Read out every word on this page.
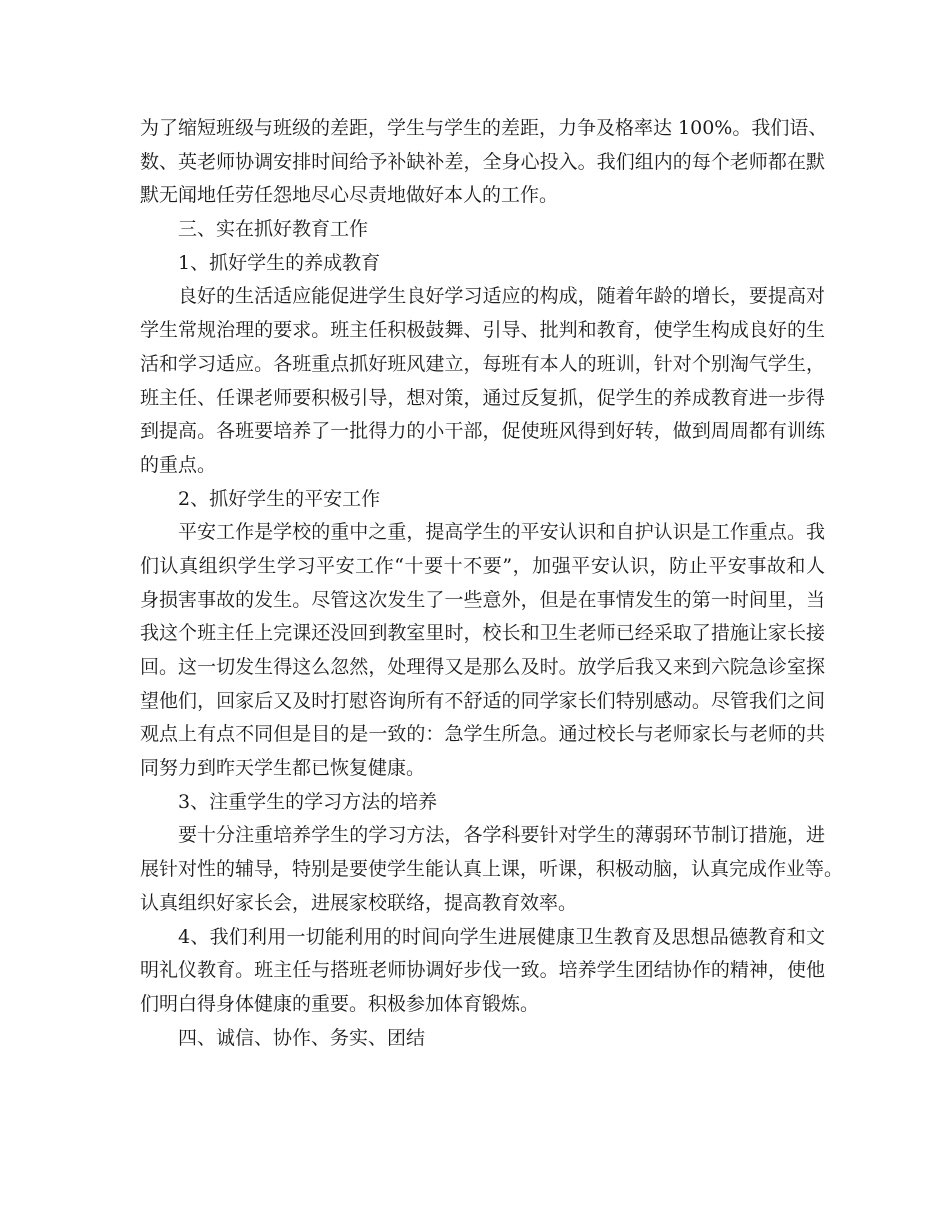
为了缩短班级与班级的差距，学生与学生的差距，力争及格率达 100%。我们语、
数、英老师协调安排时间给予补缺补差，全身心投入。我们组内的每个老师都在默
默无闻地任劳任怨地尽心尽责地做好本人的工作。
三、实在抓好教育工作
1、抓好学生的养成教育
良好的生活适应能促进学生良好学习适应的构成，随着年龄的增长，要提高对
学生常规治理的要求。班主任积极鼓舞、引导、批判和教育，使学生构成良好的生
活和学习适应。各班重点抓好班风建立，每班有本人的班训，针对个别淘气学生，
班主任、任课老师要积极引导，想对策，通过反复抓，促学生的养成教育进一步得
到提高。各班要培养了一批得力的小干部，促使班风得到好转，做到周周都有训练
的重点。
2、抓好学生的平安工作
平安工作是学校的重中之重，提高学生的平安认识和自护认识是工作重点。我
们认真组织学生学习平安工作“十要十不要”，加强平安认识，防止平安事故和人
身损害事故的发生。尽管这次发生了一些意外，但是在事情发生的第一时间里，当
我这个班主任上完课还没回到教室里时，校长和卫生老师已经采取了措施让家长接
回。这一切发生得这么忽然，处理得又是那么及时。放学后我又来到六院急诊室探
望他们，回家后又及时打慰咨询所有不舒适的同学家长们特别感动。尽管我们之间
观点上有点不同但是目的是一致的：急学生所急。通过校长与老师家长与老师的共
同努力到昨天学生都已恢复健康。
3、注重学生的学习方法的培养
要十分注重培养学生的学习方法，各学科要针对学生的薄弱环节制订措施，进
展针对性的辅导，特别是要使学生能认真上课，听课，积极动脑，认真完成作业等。
认真组织好家长会，进展家校联络，提高教育效率。
4、我们利用一切能利用的时间向学生进展健康卫生教育及思想品德教育和文
明礼仪教育。班主任与搭班老师协调好步伐一致。培养学生团结协作的精神，使他
们明白得身体健康的重要。积极参加体育锻炼。
四、诚信、协作、务实、团结
